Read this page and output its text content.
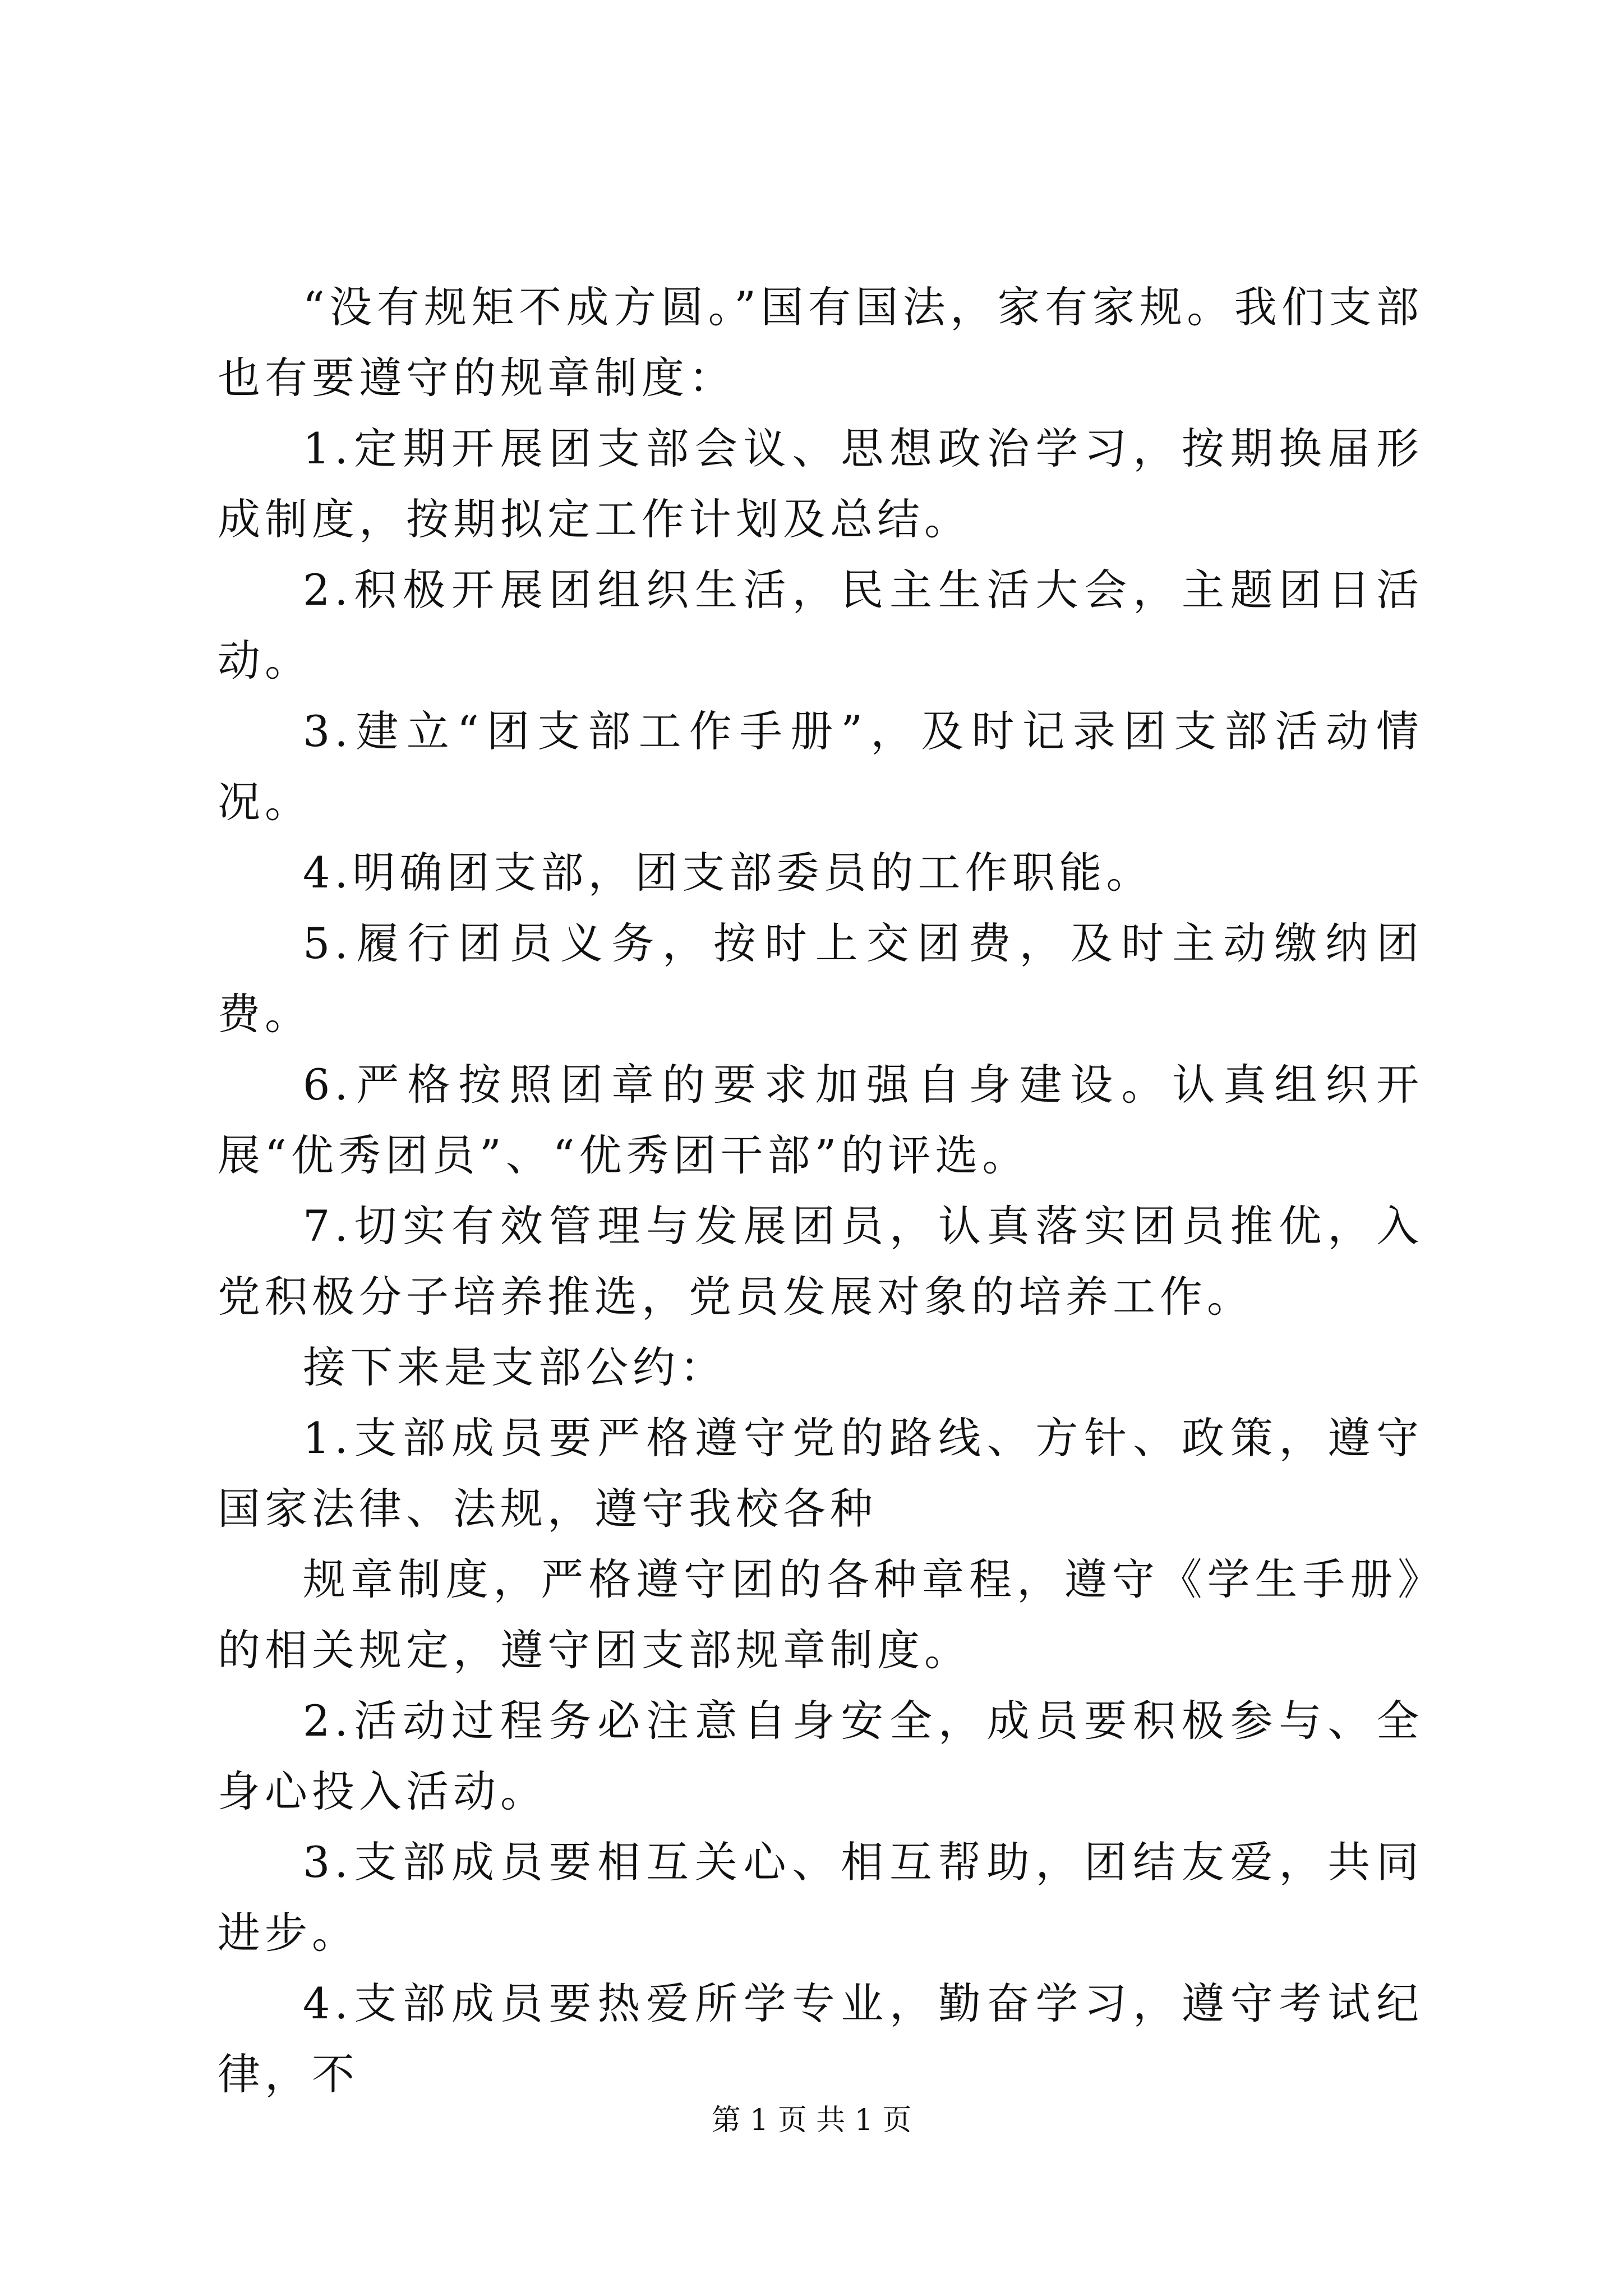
“没有规矩不成方圆。”国有国法，家有家规。我们支部也有要遵守的规章制度：

1.定期开展团支部会议、思想政治学习，按期换届形成制度，按期拟定工作计划及总结。

2.积极开展团组织生活，民主生活大会，主题团日活动。

3.建立“团支部工作手册”，及时记录团支部活动情况。

4.明确团支部，团支部委员的工作职能。

5.履行团员义务，按时上交团费，及时主动缴纳团费。

6.严格按照团章的要求加强自身建设。认真组织开展“优秀团员”、“优秀团干部”的评选。

7.切实有效管理与发展团员，认真落实团员推优，入党积极分子培养推选，党员发展对象的培养工作。

接下来是支部公约：

1.支部成员要严格遵守党的路线、方针、政策，遵守国家法律、法规，遵守我校各种

规章制度，严格遵守团的各种章程，遵守《学生手册》的相关规定，遵守团支部规章制度。

2.活动过程务必注意自身安全，成员要积极参与、全身心投入活动。

3.支部成员要相互关心、相互帮助，团结友爱，共同进步。

4.支部成员要热爱所学专业，勤奋学习，遵守考试纪律，不

第 1 页 共 1 页
